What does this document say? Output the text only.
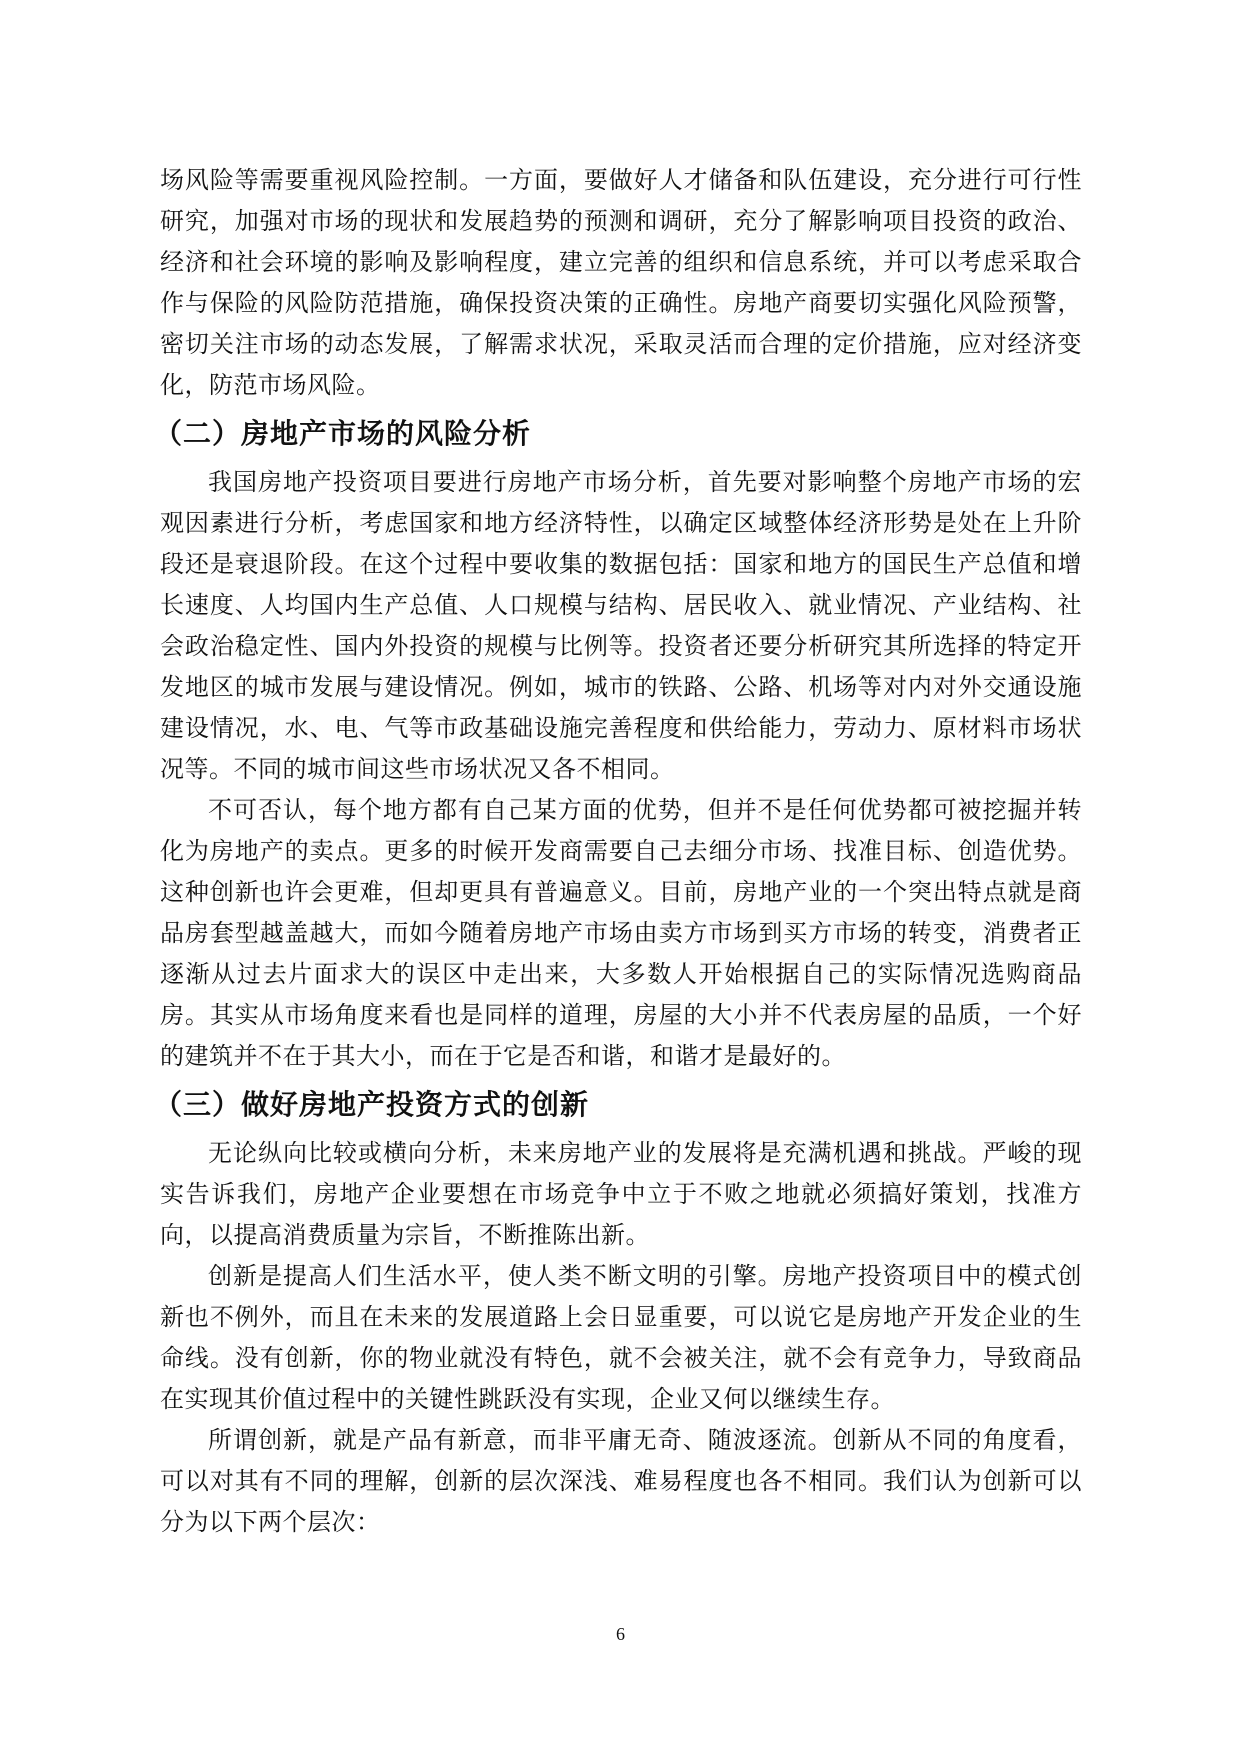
场风险等需要重视风险控制。一方面，要做好人才储备和队伍建设，充分进行可行性研究，加强对市场的现状和发展趋势的预测和调研，充分了解影响项目投资的政治、经济和社会环境的影响及影响程度，建立完善的组织和信息系统，并可以考虑采取合作与保险的风险防范措施，确保投资决策的正确性。房地产商要切实强化风险预警，密切关注市场的动态发展，了解需求状况，采取灵活而合理的定价措施，应对经济变化，防范市场风险。

（二）房地产市场的风险分析

我国房地产投资项目要进行房地产市场分析，首先要对影响整个房地产市场的宏观因素进行分析，考虑国家和地方经济特性，以确定区域整体经济形势是处在上升阶段还是衰退阶段。在这个过程中要收集的数据包括：国家和地方的国民生产总值和增长速度、人均国内生产总值、人口规模与结构、居民收入、就业情况、产业结构、社会政治稳定性、国内外投资的规模与比例等。投资者还要分析研究其所选择的特定开发地区的城市发展与建设情况。例如，城市的铁路、公路、机场等对内对外交通设施建设情况，水、电、气等市政基础设施完善程度和供给能力，劳动力、原材料市场状况等。不同的城市间这些市场状况又各不相同。

不可否认，每个地方都有自己某方面的优势，但并不是任何优势都可被挖掘并转化为房地产的卖点。更多的时候开发商需要自己去细分市场、找准目标、创造优势。这种创新也许会更难，但却更具有普遍意义。目前，房地产业的一个突出特点就是商品房套型越盖越大，而如今随着房地产市场由卖方市场到买方市场的转变，消费者正逐渐从过去片面求大的误区中走出来，大多数人开始根据自己的实际情况选购商品房。其实从市场角度来看也是同样的道理，房屋的大小并不代表房屋的品质，一个好的建筑并不在于其大小，而在于它是否和谐，和谐才是最好的。

（三）做好房地产投资方式的创新

无论纵向比较或横向分析，未来房地产业的发展将是充满机遇和挑战。严峻的现实告诉我们，房地产企业要想在市场竞争中立于不败之地就必须搞好策划，找准方向，以提高消费质量为宗旨，不断推陈出新。

创新是提高人们生活水平，使人类不断文明的引擎。房地产投资项目中的模式创新也不例外，而且在未来的发展道路上会日显重要，可以说它是房地产开发企业的生命线。没有创新，你的物业就没有特色，就不会被关注，就不会有竞争力，导致商品在实现其价值过程中的关键性跳跃没有实现，企业又何以继续生存。

所谓创新，就是产品有新意，而非平庸无奇、随波逐流。创新从不同的角度看，可以对其有不同的理解，创新的层次深浅、难易程度也各不相同。我们认为创新可以分为以下两个层次：

6
